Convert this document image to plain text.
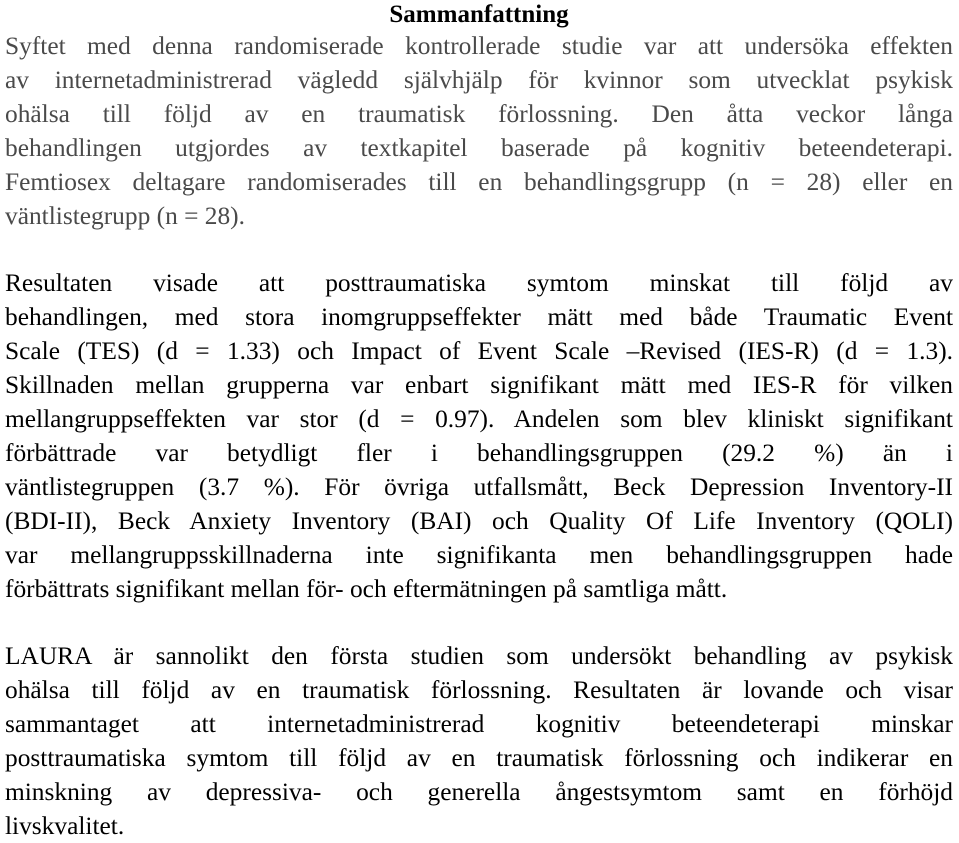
Sammanfattning
Syftet med denna randomiserade kontrollerade studie var att undersöka effekten
av internetadministrerad vägledd självhjälp för kvinnor som utvecklat psykisk
ohälsa till följd av en traumatisk förlossning. Den åtta veckor långa
behandlingen utgjordes av textkapitel baserade på kognitiv beteendeterapi.
Femtiosex deltagare randomiserades till en behandlingsgrupp (n = 28) eller en
väntlistegrupp (n = 28).
Resultaten visade att posttraumatiska symtom minskat till följd av
behandlingen, med stora inomgruppseffekter mätt med både Traumatic Event
Scale (TES) (d = 1.33) och Impact of Event Scale –Revised (IES-R) (d = 1.3).
Skillnaden mellan grupperna var enbart signifikant mätt med IES-R för vilken
mellangruppseffekten var stor (d = 0.97). Andelen som blev kliniskt signifikant
förbättrade var betydligt fler i behandlingsgruppen (29.2 %) än i
väntlistegruppen (3.7 %). För övriga utfallsmått, Beck Depression Inventory-II
(BDI-II), Beck Anxiety Inventory (BAI) och Quality Of Life Inventory (QOLI)
var mellangruppsskillnaderna inte signifikanta men behandlingsgruppen hade
förbättrats signifikant mellan för- och eftermätningen på samtliga mått.
LAURA är sannolikt den första studien som undersökt behandling av psykisk
ohälsa till följd av en traumatisk förlossning. Resultaten är lovande och visar
sammantaget att internetadministrerad kognitiv beteendeterapi minskar
posttraumatiska symtom till följd av en traumatisk förlossning och indikerar en
minskning av depressiva- och generella ångestsymtom samt en förhöjd
livskvalitet.
